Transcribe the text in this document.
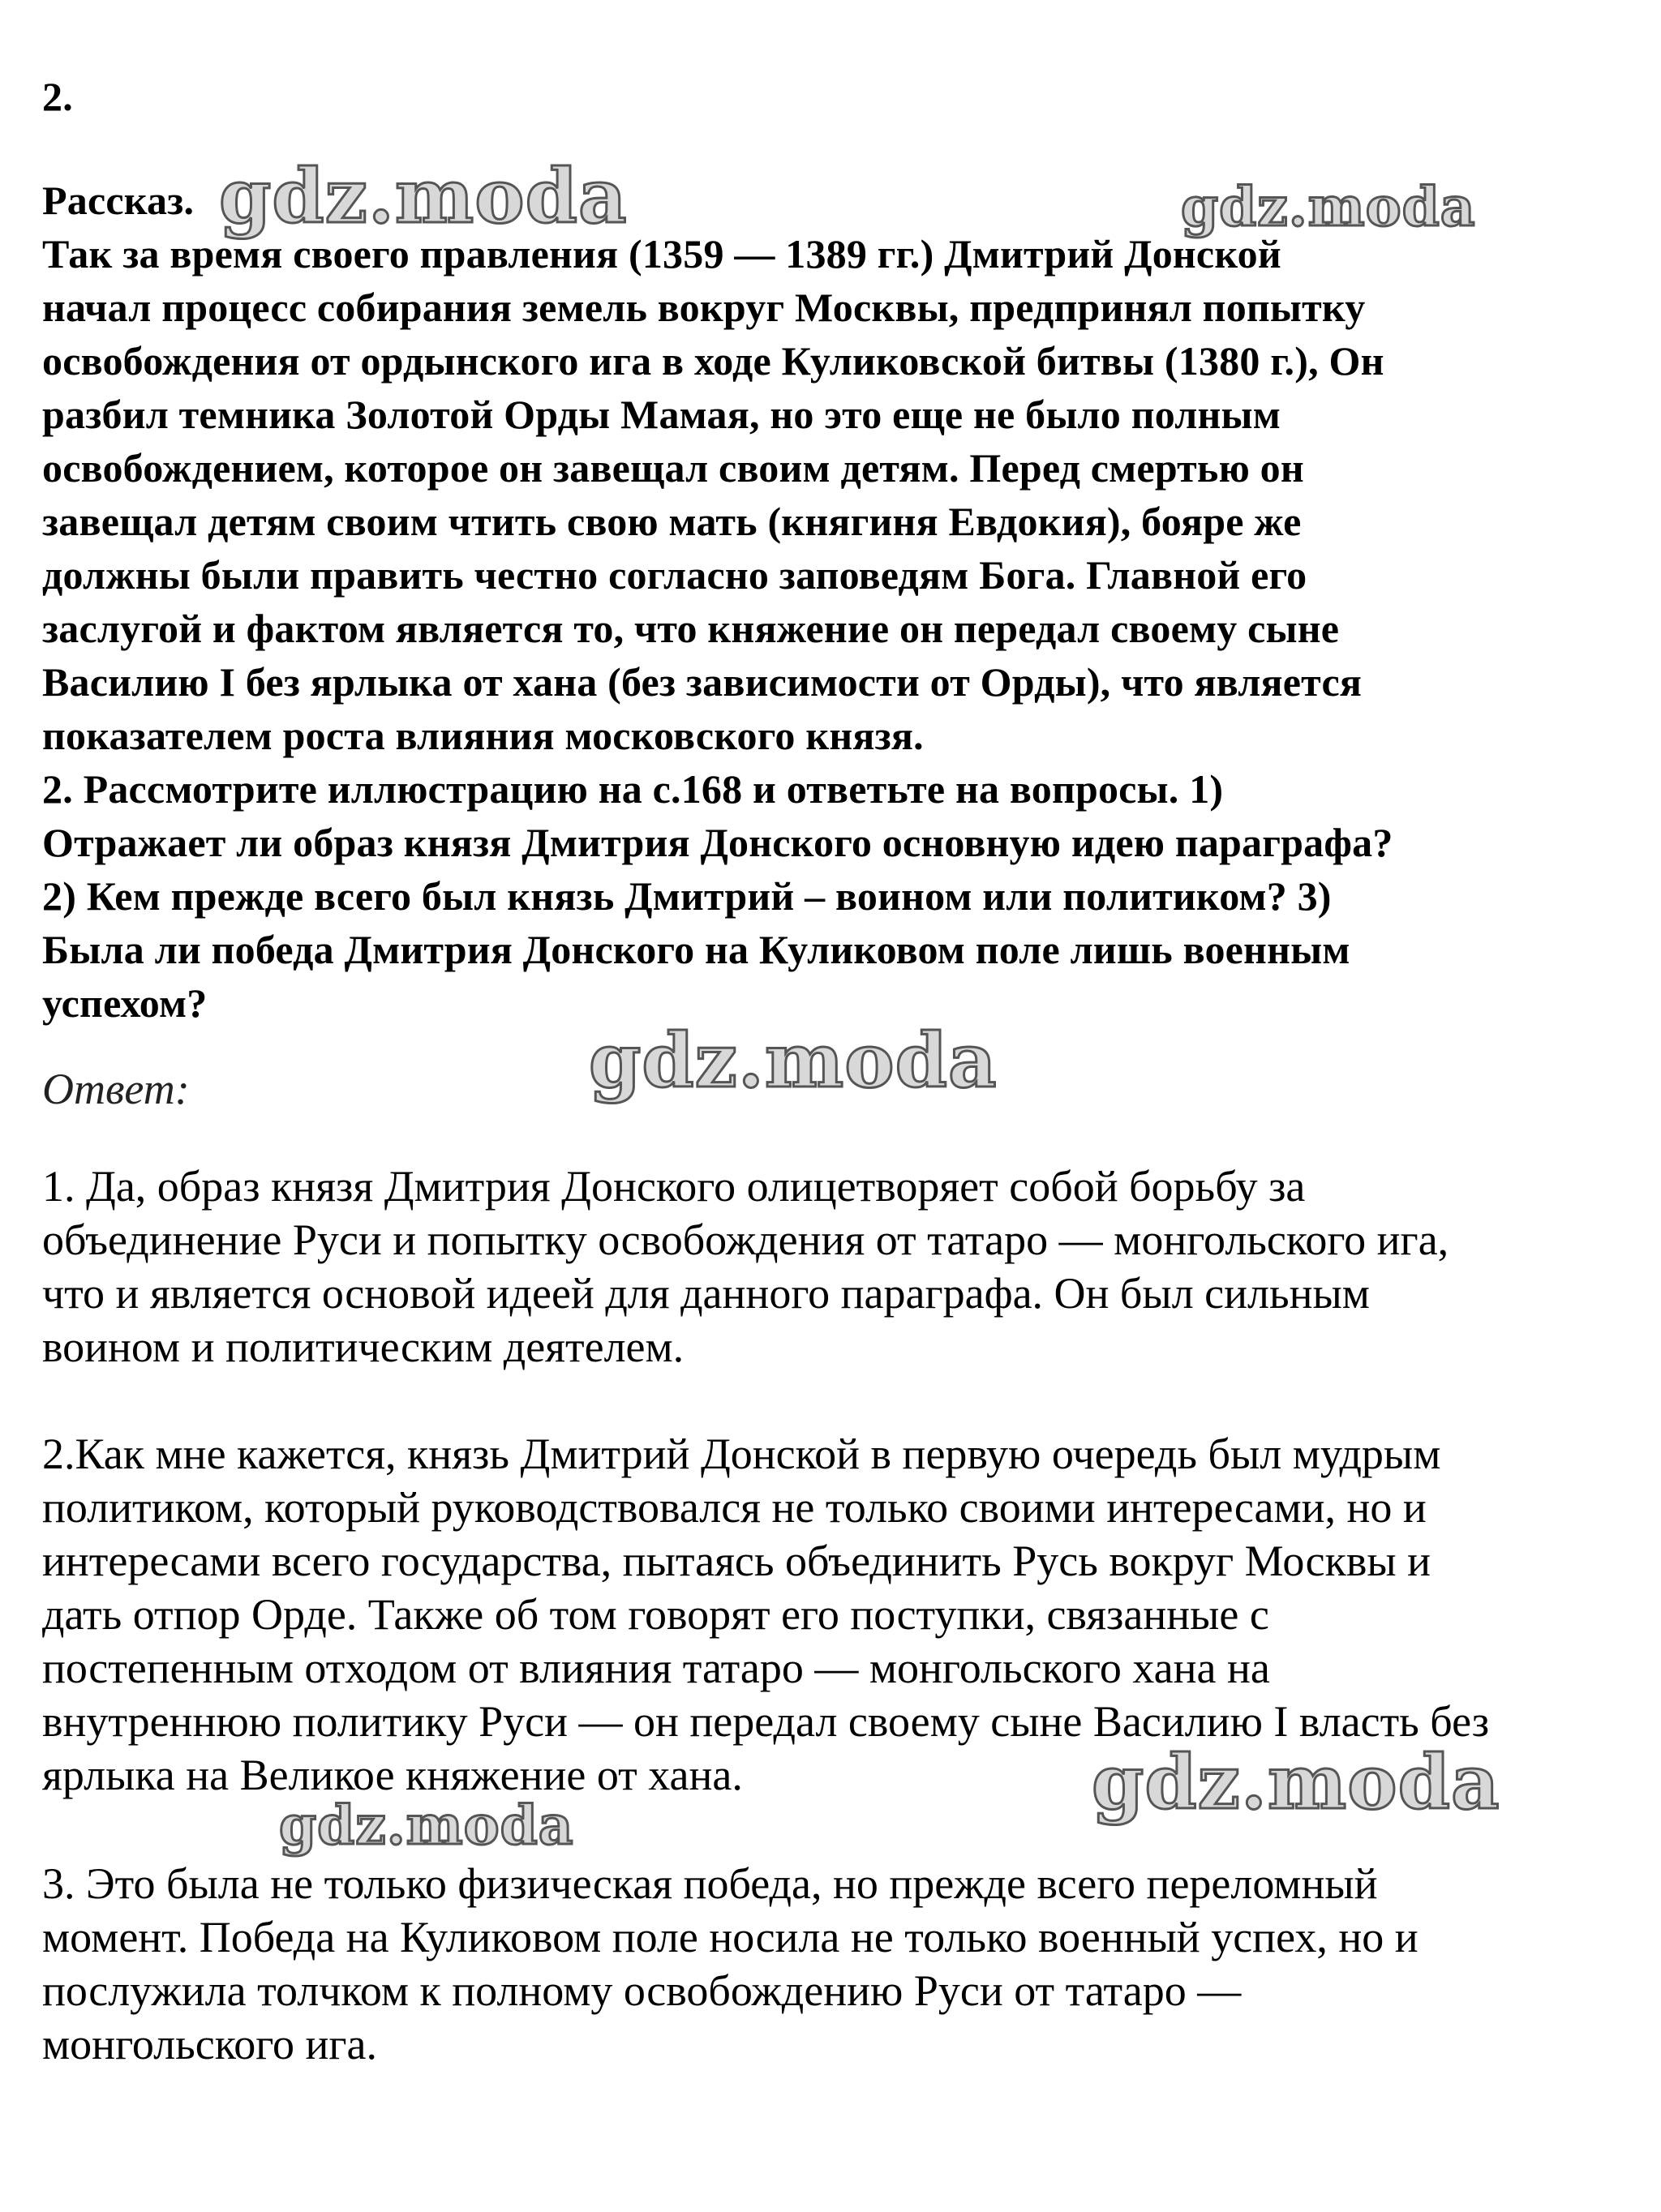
2.
Рассказ.
Так за время своего правления (1359 — 1389 гг.) Дмитрий Донской
начал процесс собирания земель вокруг Москвы, предпринял попытку
освобождения от ордынского ига в ходе Куликовской битвы (1380 г.), Он
разбил темника Золотой Орды Мамая, но это еще не было полным
освобождением, которое он завещал своим детям. Перед смертью он
завещал детям своим чтить свою мать (княгиня Евдокия), бояре же
должны были править честно согласно заповедям Бога. Главной его
заслугой и фактом является то, что княжение он передал своему сыне
Василию I без ярлыка от хана (без зависимости от Орды), что является
показателем роста влияния московского князя.
2. Рассмотрите иллюстрацию на с.168 и ответьте на вопросы. 1)
Отражает ли образ князя Дмитрия Донского основную идею параграфа?
2) Кем прежде всего был князь Дмитрий – воином или политиком? 3)
Была ли победа Дмитрия Донского на Куликовом поле лишь военным
успехом?
Ответ:
1. Да, образ князя Дмитрия Донского олицетворяет собой борьбу за
объединение Руси и попытку освобождения от татаро — монгольского ига,
что и является основой идеей для данного параграфа. Он был сильным
воином и политическим деятелем.
2.Как мне кажется, князь Дмитрий Донской в первую очередь был мудрым
политиком, который руководствовался не только своими интересами, но и
интересами всего государства, пытаясь объединить Русь вокруг Москвы и
дать отпор Орде. Также об том говорят его поступки, связанные с
постепенным отходом от влияния татаро — монгольского хана на
внутреннюю политику Руси — он передал своему сыне Василию I власть без
ярлыка на Великое княжение от хана.
3. Это была не только физическая победа, но прежде всего переломный
момент. Победа на Куликовом поле носила не только военный успех, но и
послужила толчком к полному освобождению Руси от татаро —
монгольского ига.
gdz.moda	gdz.moda
gdz.moda
gdz.moda
gdz.moda
